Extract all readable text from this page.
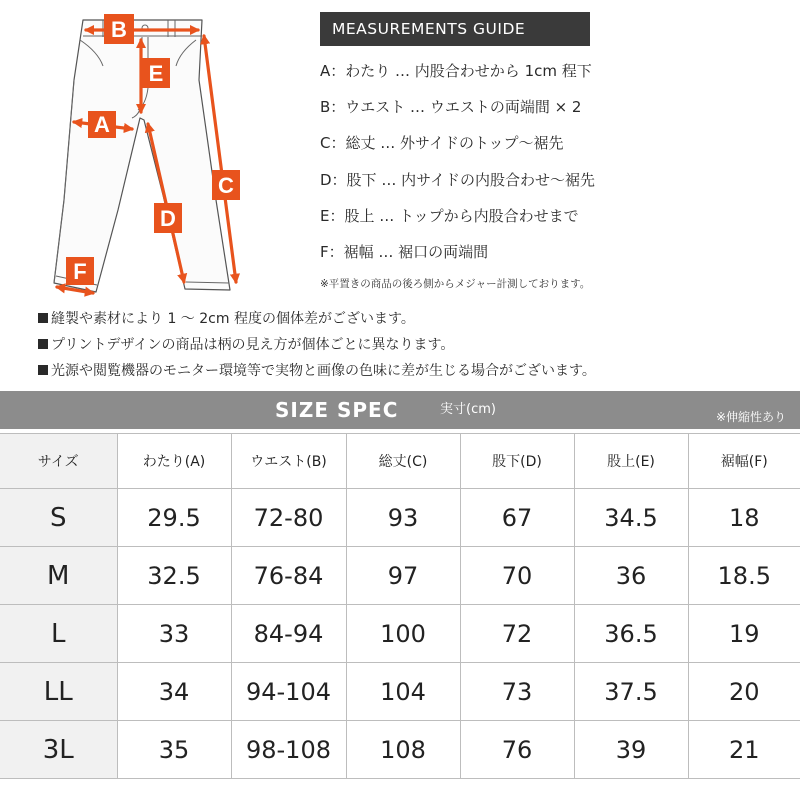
B
E
A
C
D
F
MEASUREMENTS GUIDE
A：わたり … 内股合わせから 1cm 程下
B：ウエスト … ウエストの両端間 × 2
C：総丈 … 外サイドのトップ～裾先
D：股下 … 内サイドの内股合わせ～裾先
E：股上 … トップから内股合わせまで
F：裾幅 … 裾口の両端間
※平置きの商品の後ろ側からメジャー計測しております。
縫製や素材により 1 ～ 2cm 程度の個体差がございます。
プリントデザインの商品は柄の見え方が個体ごとに異なります。
光源や閲覧機器のモニター環境等で実物と画像の色味に差が生じる場合がございます。
SIZE SPEC	実寸(cm)	※伸縮性あり
サイズ	わたり(A)	ウエスト(B)	総丈(C)	股下(D)	股上(E)	裾幅(F)
S	29.5	72-80	93	67	34.5	18
M	32.5	76-84	97	70	36	18.5
L	33	84-94	100	72	36.5	19
LL	34	94-104	104	73	37.5	20
3L	35	98-108	108	76	39	21
